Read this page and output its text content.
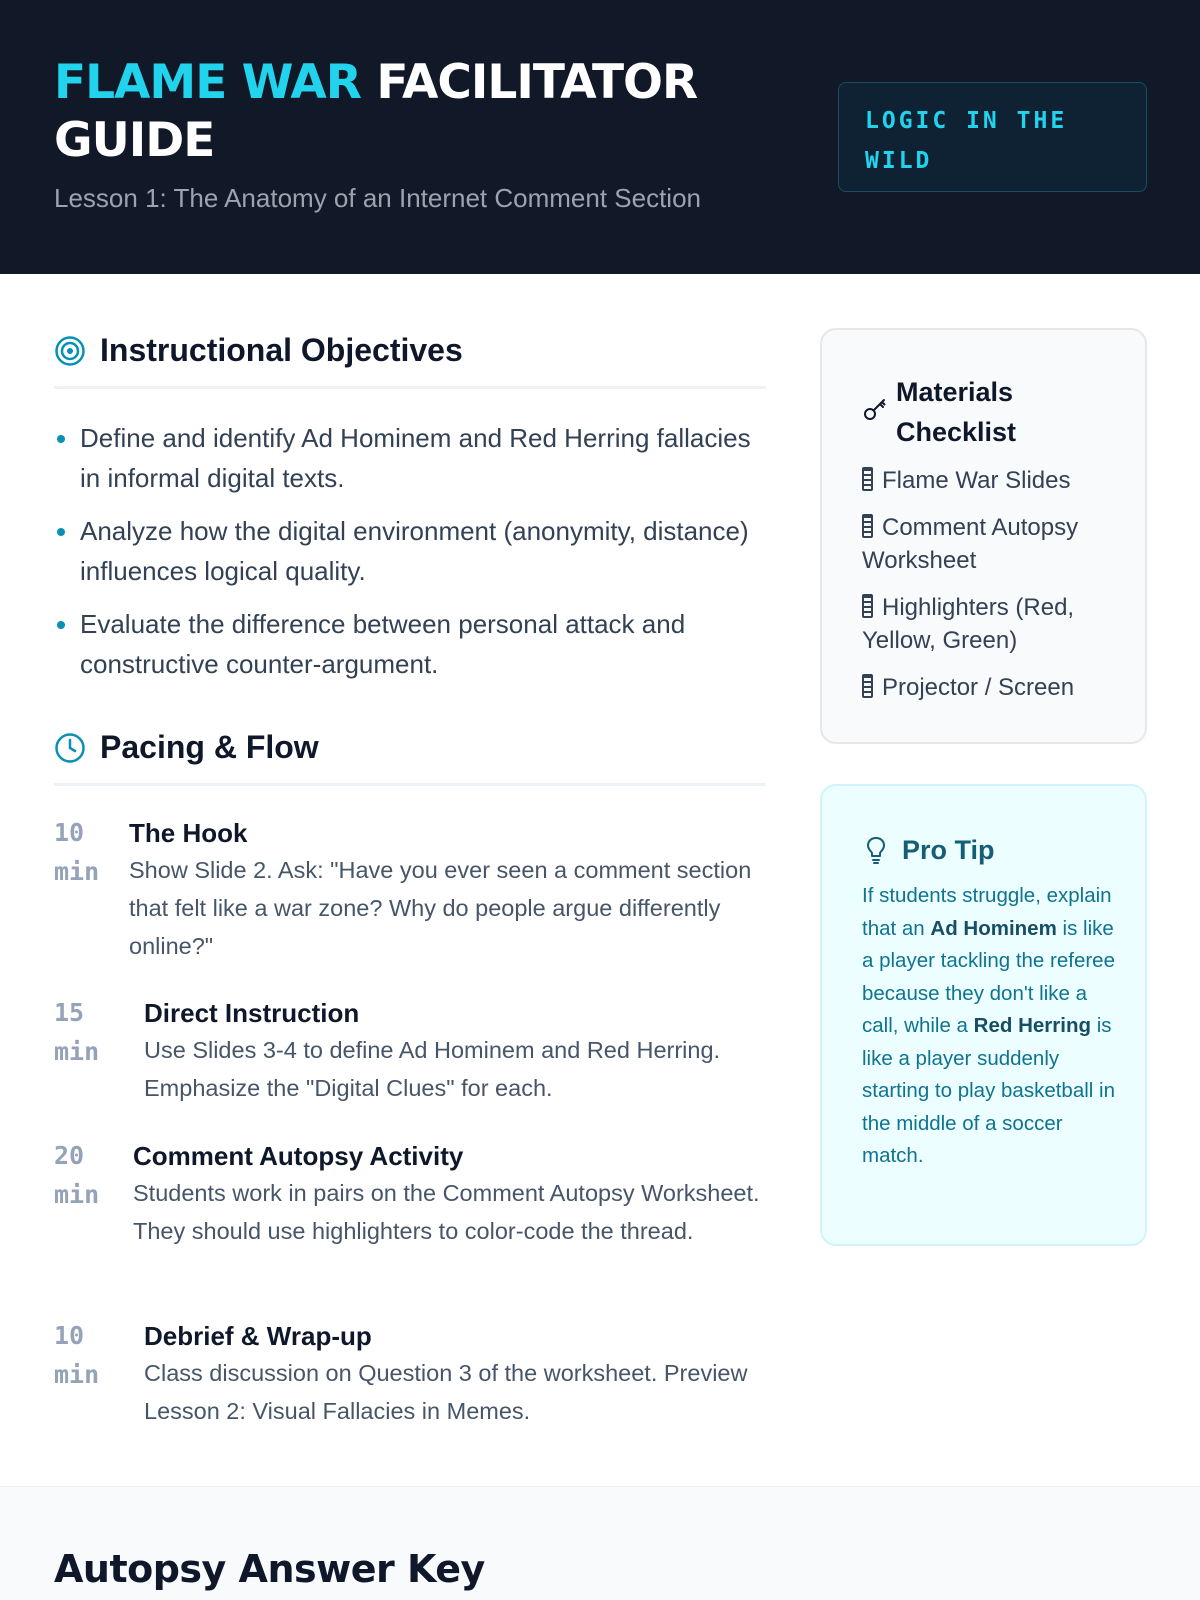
FLAME WAR FACILITATOR GUIDE
Lesson 1: The Anatomy of an Internet Comment Section
LOGIC IN THE WILD
Instructional Objectives
Define and identify Ad Hominem and Red Herring fallacies in informal digital texts.
Analyze how the digital environment (anonymity, distance) influences logical quality.
Evaluate the difference between personal attack and constructive counter-argument.
Pacing & Flow
10 min
The Hook
Show Slide 2. Ask: "Have you ever seen a comment section that felt like a war zone? Why do people argue differently online?"
15 min
Direct Instruction
Use Slides 3-4 to define Ad Hominem and Red Herring. Emphasize the "Digital Clues" for each.
20 min
Comment Autopsy Activity
Students work in pairs on the Comment Autopsy Worksheet. They should use highlighters to color-code the thread.
10 min
Debrief & Wrap-up
Class discussion on Question 3 of the worksheet. Preview Lesson 2: Visual Fallacies in Memes.
Materials
Checklist
Flame War Slides
Comment Autopsy Worksheet
Highlighters (Red, Yellow, Green)
Projector / Screen
Pro Tip
If students struggle, explain that an Ad Hominem is like a player tackling the referee because they don't like a call, while a Red Herring is like a player suddenly starting to play basketball in the middle of a soccer match.
Autopsy Answer Key
